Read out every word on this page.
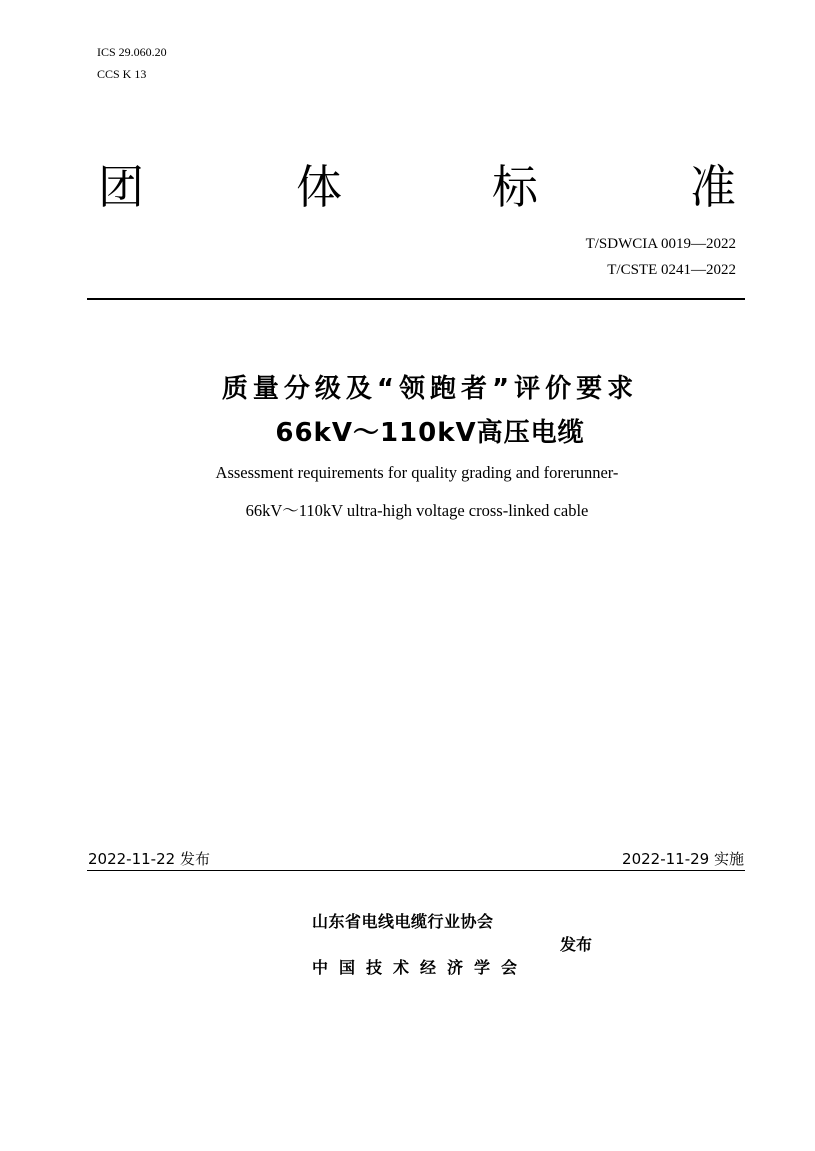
ICS 29.060.20
CCS K 13
团	体	标	准
T/SDWCIA 0019—2022
T/CSTE 0241—2022
质量分级及“领跑者”评价要求
66kV～110kV高压电缆
Assessment requirements for quality grading and forerunner-
66kV～110kV ultra-high voltage cross-linked cable
2022-11-22 发布	2022-11-29 实施
山东省电线电缆行业协会
中国技术经济学会
发布
